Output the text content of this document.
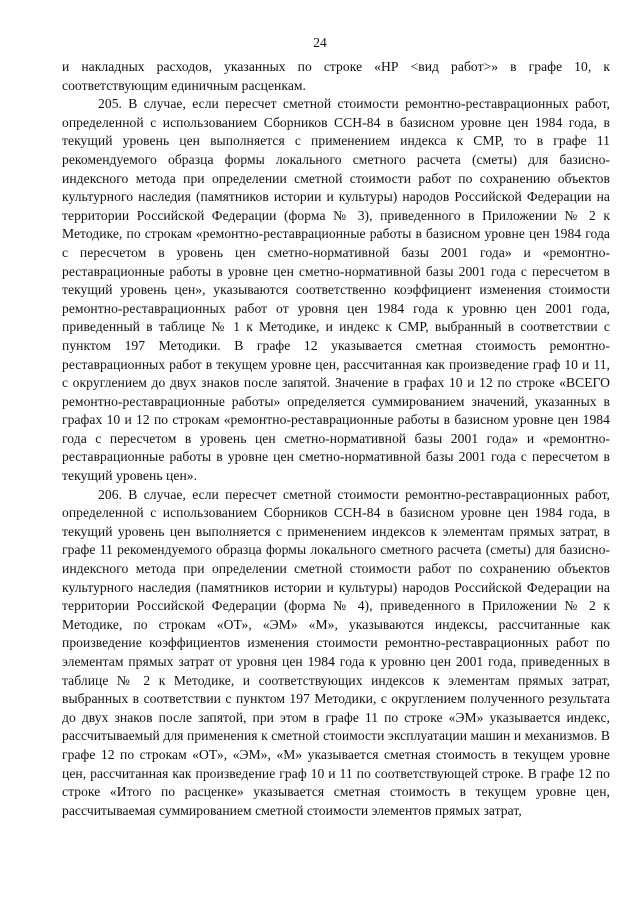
24

и накладных расходов, указанных по строке «НР <вид работ>» в графе 10, к соответствующим единичным расценкам.

205. В случае, если пересчет сметной стоимости ремонтно-реставрационных работ, определенной с использованием Сборников ССН-84 в базисном уровне цен 1984 года, в текущий уровень цен выполняется с применением индекса к СМР, то в графе 11 рекомендуемого образца формы локального сметного расчета (сметы) для базисно-индексного метода при определении сметной стоимости работ по сохранению объектов культурного наследия (памятников истории и культуры) народов Российской Федерации на территории Российской Федерации (форма № 3), приведенного в Приложении № 2 к Методике, по строкам «ремонтно-реставрационные работы в базисном уровне цен 1984 года с пересчетом в уровень цен сметно-нормативной базы 2001 года» и «ремонтно-реставрационные работы в уровне цен сметно-нормативной базы 2001 года с пересчетом в текущий уровень цен», указываются соответственно коэффициент изменения стоимости ремонтно-реставрационных работ от уровня цен 1984 года к уровню цен 2001 года, приведенный в таблице № 1 к Методике, и индекс к СМР, выбранный в соответствии с пунктом 197 Методики. В графе 12 указывается сметная стоимость ремонтно-реставрационных работ в текущем уровне цен, рассчитанная как произведение граф 10 и 11, с округлением до двух знаков после запятой. Значение в графах 10 и 12 по строке «ВСЕГО ремонтно-реставрационные работы» определяется суммированием значений, указанных в графах 10 и 12 по строкам «ремонтно-реставрационные работы в базисном уровне цен 1984 года с пересчетом в уровень цен сметно-нормативной базы 2001 года» и «ремонтно-реставрационные работы в уровне цен сметно-нормативной базы 2001 года с пересчетом в текущий уровень цен».

206. В случае, если пересчет сметной стоимости ремонтно-реставрационных работ, определенной с использованием Сборников ССН-84 в базисном уровне цен 1984 года, в текущий уровень цен выполняется с применением индексов к элементам прямых затрат, в графе 11 рекомендуемого образца формы локального сметного расчета (сметы) для базисно-индексного метода при определении сметной стоимости работ по сохранению объектов культурного наследия (памятников истории и культуры) народов Российской Федерации на территории Российской Федерации (форма № 4), приведенного в Приложении № 2 к Методике, по строкам «ОТ», «ЭМ» «М», указываются индексы, рассчитанные как произведение коэффициентов изменения стоимости ремонтно-реставрационных работ по элементам прямых затрат от уровня цен 1984 года к уровню цен 2001 года, приведенных в таблице № 2 к Методике, и соответствующих индексов к элементам прямых затрат, выбранных в соответствии с пунктом 197 Методики, с округлением полученного результата до двух знаков после запятой, при этом в графе 11 по строке «ЭМ» указывается индекс, рассчитываемый для применения к сметной стоимости эксплуатации машин и механизмов. В графе 12 по строкам «ОТ», «ЭМ», «М» указывается сметная стоимость в текущем уровне цен, рассчитанная как произведение граф 10 и 11 по соответствующей строке. В графе 12 по строке «Итого по расценке» указывается сметная стоимость в текущем уровне цен, рассчитываемая суммированием сметной стоимости элементов прямых затрат,
